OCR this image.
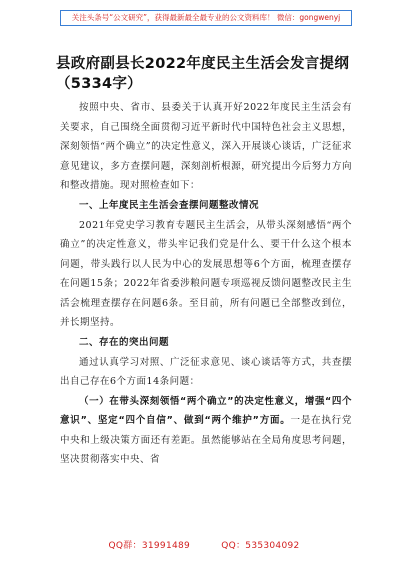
关注头条号“公文研究”，获得最新最全最专业的公文资料库！ 微信：gongwenyj
县政府副县长2022年度民主生活会发言提纲（5334字）

按照中央、省市、县委关于认真开好2022年度民主生活会有关要求，自己围绕全面贯彻习近平新时代中国特色社会主义思想，深刻领悟“两个确立”的决定性意义，深入开展谈心谈话，广泛征求意见建议，多方查摆问题，深刻剖析根源，研究提出今后努力方向和整改措施。现对照检查如下：

一、上年度民主生活会查摆问题整改情况

2021年党史学习教育专题民主生活会，从带头深刻感悟“两个确立”的决定性意义，带头牢记我们党是什么、要干什么这个根本问题，带头践行以人民为中心的发展思想等6个方面，梳理查摆存在问题15条；2022年省委涉粮问题专项巡视反馈问题整改民主生活会梳理查摆存在问题6条。至目前，所有问题已全部整改到位，并长期坚持。

二、存在的突出问题

通过认真学习对照、广泛征求意见、谈心谈话等方式，共查摆出自己存在6个方面14条问题：

（一）在带头深刻领悟“两个确立”的决定性意义，增强“四个意识”、坚定“四个自信”、做到“两个维护”方面。一是在执行党中央和上级决策方面还有差距。虽然能够站在全局角度思考问题，坚决贯彻落实中央、省

QQ群：31991489	QQ：535304092
